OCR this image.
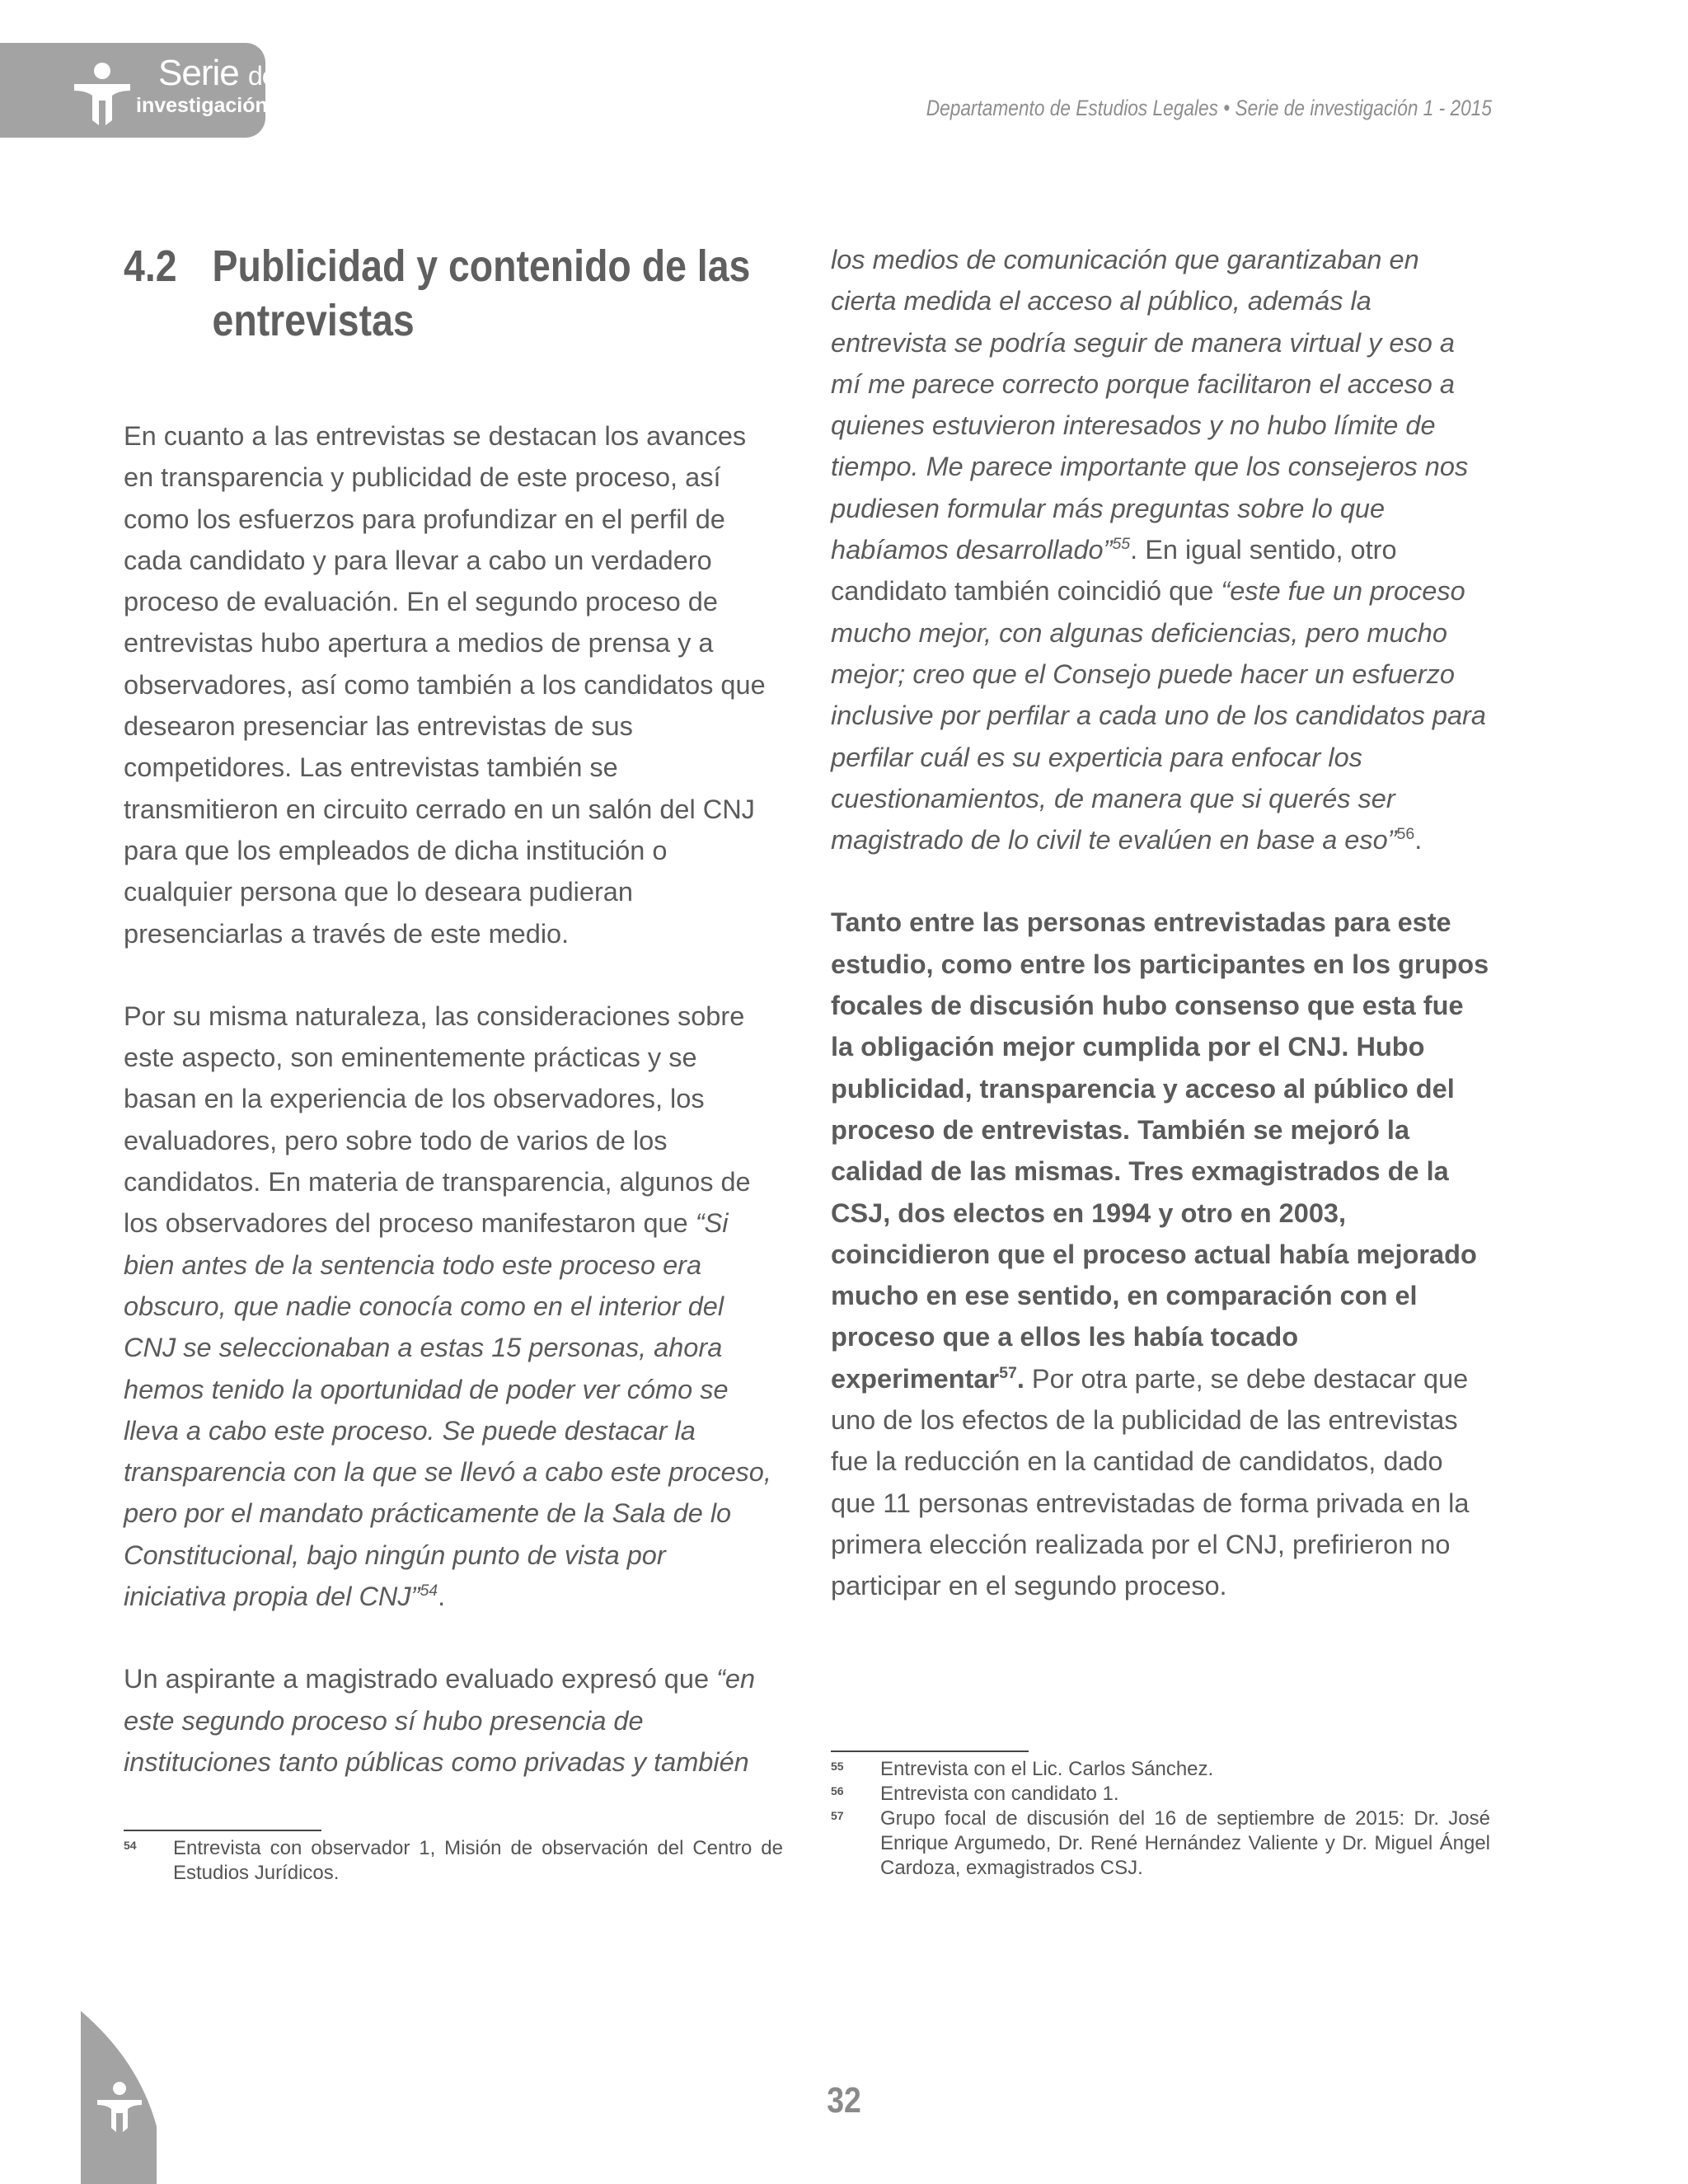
Serie de
investigación	Departamento de Estudios Legales • Serie de investigación 1 - 2015
4.2 Publicidad y contenido de las entrevistas

En cuanto a las entrevistas se destacan los avances en transparencia y publicidad de este proceso, así como los esfuerzos para profundizar en el perfil de cada candidato y para llevar a cabo un verdadero proceso de evaluación. En el segundo proceso de entrevistas hubo apertura a medios de prensa y a observadores, así como también a los candidatos que desearon presenciar las entrevistas de sus competidores. Las entrevistas también se transmitieron en circuito cerrado en un salón del CNJ para que los empleados de dicha institución o cualquier persona que lo deseara pudieran presenciarlas a través de este medio.

Por su misma naturaleza, las consideraciones sobre este aspecto, son eminentemente prácticas y se basan en la experiencia de los observadores, los evaluadores, pero sobre todo de varios de los candidatos. En materia de transparencia, algunos de los observadores del proceso manifestaron que “Si bien antes de la sentencia todo este proceso era obscuro, que nadie conocía como en el interior del CNJ se seleccionaban a estas 15 personas, ahora hemos tenido la oportunidad de poder ver cómo se lleva a cabo este proceso. Se puede destacar la transparencia con la que se llevó a cabo este proceso, pero por el mandato prácticamente de la Sala de lo Constitucional, bajo ningún punto de vista por iniciativa propia del CNJ”$^{54}$.

Un aspirante a magistrado evaluado expresó que “en este segundo proceso sí hubo presencia de instituciones tanto públicas como privadas y también

los medios de comunicación que garantizaban en cierta medida el acceso al público, además la entrevista se podría seguir de manera virtual y eso a mí me parece correcto porque facilitaron el acceso a quienes estuvieron interesados y no hubo límite de tiempo. Me parece importante que los consejeros nos pudiesen formular más preguntas sobre lo que habíamos desarrollado”$^{55}$. En igual sentido, otro candidato también coincidió que “este fue un proceso mucho mejor, con algunas deficiencias, pero mucho mejor; creo que el Consejo puede hacer un esfuerzo inclusive por perfilar a cada uno de los candidatos para perfilar cuál es su experticia para enfocar los cuestionamientos, de manera que si querés ser magistrado de lo civil te evalúen en base a eso”$^{56}$.

Tanto entre las personas entrevistadas para este estudio, como entre los participantes en los grupos focales de discusión hubo consenso que esta fue la obligación mejor cumplida por el CNJ. Hubo publicidad, transparencia y acceso al público del proceso de entrevistas. También se mejoró la calidad de las mismas. Tres exmagistrados de la CSJ, dos electos en 1994 y otro en 2003, coincidieron que el proceso actual había mejorado mucho en ese sentido, en comparación con el proceso que a ellos les había tocado experimentar$^{57}$. Por otra parte, se debe destacar que uno de los efectos de la publicidad de las entrevistas fue la reducción en la cantidad de candidatos, dado que 11 personas entrevistadas de forma privada en la primera elección realizada por el CNJ, prefirieron no participar en el segundo proceso.

54	Entrevista con observador 1, Misión de observación del Centro de Estudios Jurídicos.
55	Entrevista con el Lic. Carlos Sánchez.
56	Entrevista con candidato 1.
57	Grupo focal de discusión del 16 de septiembre de 2015: Dr. José Enrique Argumedo, Dr. René Hernández Valiente y Dr. Miguel Ángel Cardoza, exmagistrados CSJ.
32
